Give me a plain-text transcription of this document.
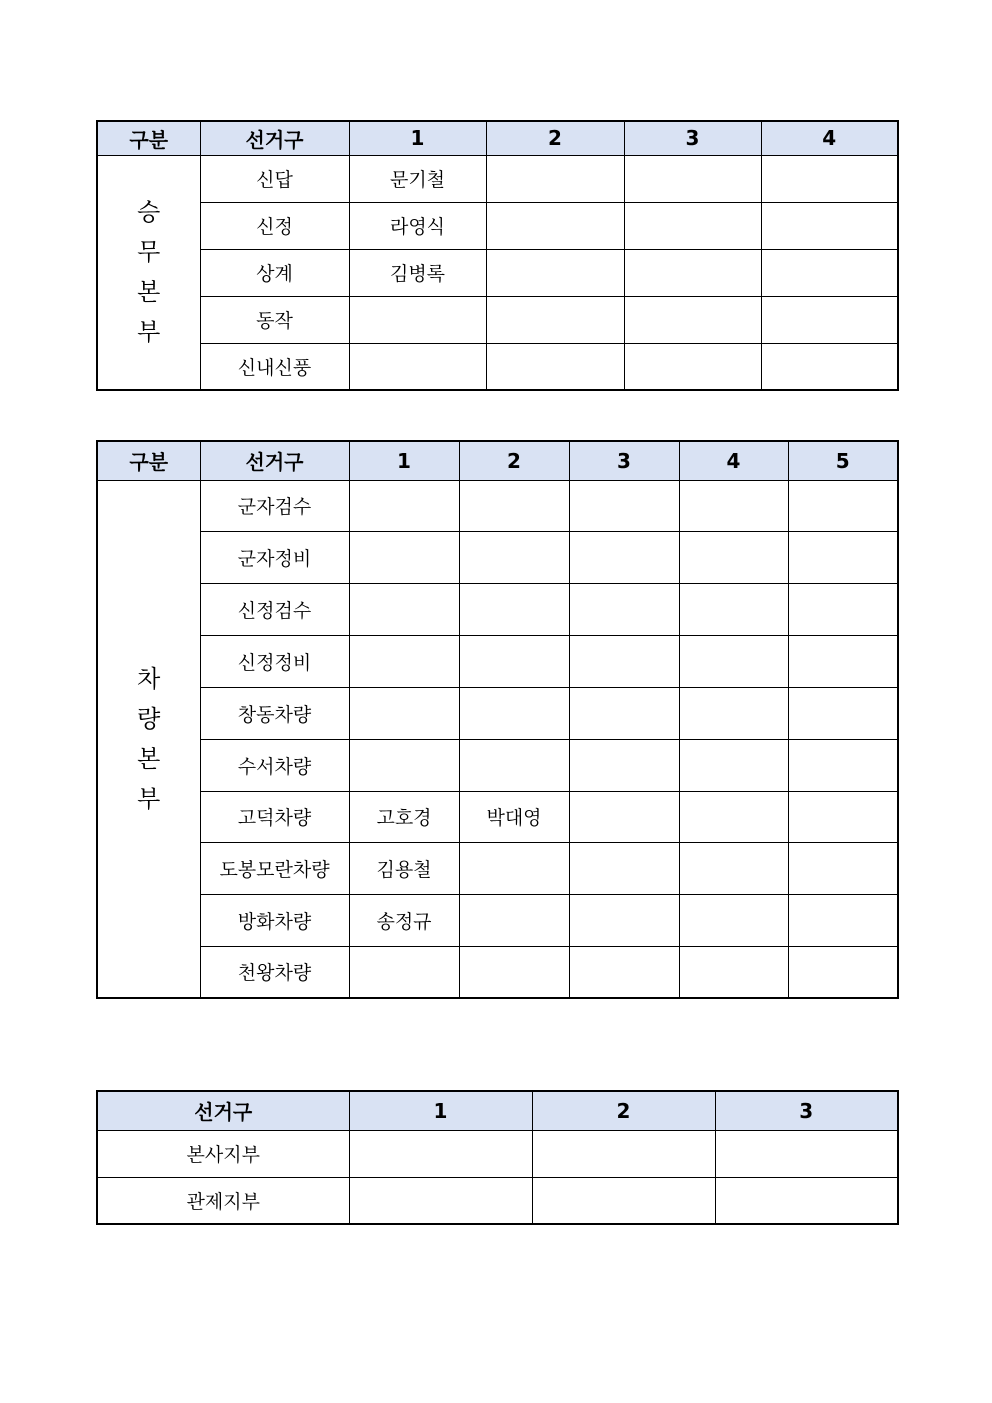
구분	선거구	1	2	3	4

승
무
본
부	신답	문기철			
	신정	라영식			
	상계	김병록			
	동작				
	신내신풍				
구분	선거구	1	2	3	4	5

차
량
본
부	군자검수					
	군자정비					
	신정검수					
	신정정비					
	창동차량					
	수서차량					
	고덕차량	고호경	박대영			
	도봉모란차량	김용철				
	방화차량	송정규				
	천왕차량					
선거구	1	2	3
본사지부			
관제지부			
